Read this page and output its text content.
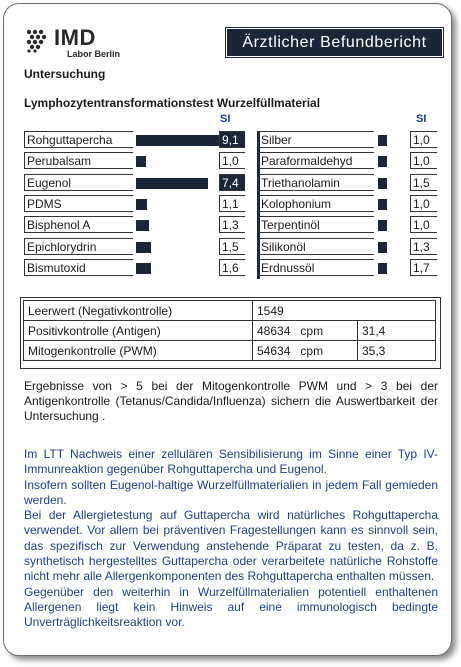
IMD
Labor Berlin
Ärztlicher Befundbericht
Untersuchung
Lymphozytentransformationstest Wurzelfüllmaterial
SI	SI
Rohguttapercha	9,1
Perubalsam	1,0
Eugenol	7,4
PDMS	1,1
Bisphenol A	1,3
Epichlorydrin	1,5
Bismutoxid	1,6
Silber	1,0
Paraformaldehyd	1,0
Triethanolamin	1,5
Kolophonium	1,0
Terpentinöl	1,0
Silikonöl	1,3
Erdnussöl	1,7
Leerwert (Negativkontrolle)	1549	
Positivkontrolle (Antigen)	48634 cpm	31,4
Mitogenkontrolle (PWM)	54634 cpm	35,3
Ergebnisse von > 5 bei der Mitogenkontrolle PWM und > 3 bei der Antigenkontrolle (Tetanus/Candida/Influenza) sichern die Auswertbarkeit der Untersuchung .
Im LTT Nachweis einer zellulären Sensibilisierung im Sinne einer Typ IV-Immunreaktion gegenüber Rohguttapercha und Eugenol.
Insofern sollten Eugenol-haltige Wurzelfüllmaterialien in jedem Fall gemieden werden.
Bei der Allergietestung auf Guttapercha wird natürliches Rohguttapercha verwendet. Vor allem bei präventiven Fragestellungen kann es sinnvoll sein, das spezifisch zur Verwendung anstehende Präparat zu testen, da z. B. synthetisch hergestelltes Guttapercha oder verarbeitete natürliche Rohstoffe nicht mehr alle Allergenkomponenten des Rohguttapercha enthalten müssen.
Gegenüber den weiterhin in Wurzelfüllmaterialien potentiell enthaltenen Allergenen liegt kein Hinweis auf eine immunologisch bedingte Unverträglichkeitsreaktion vor.
